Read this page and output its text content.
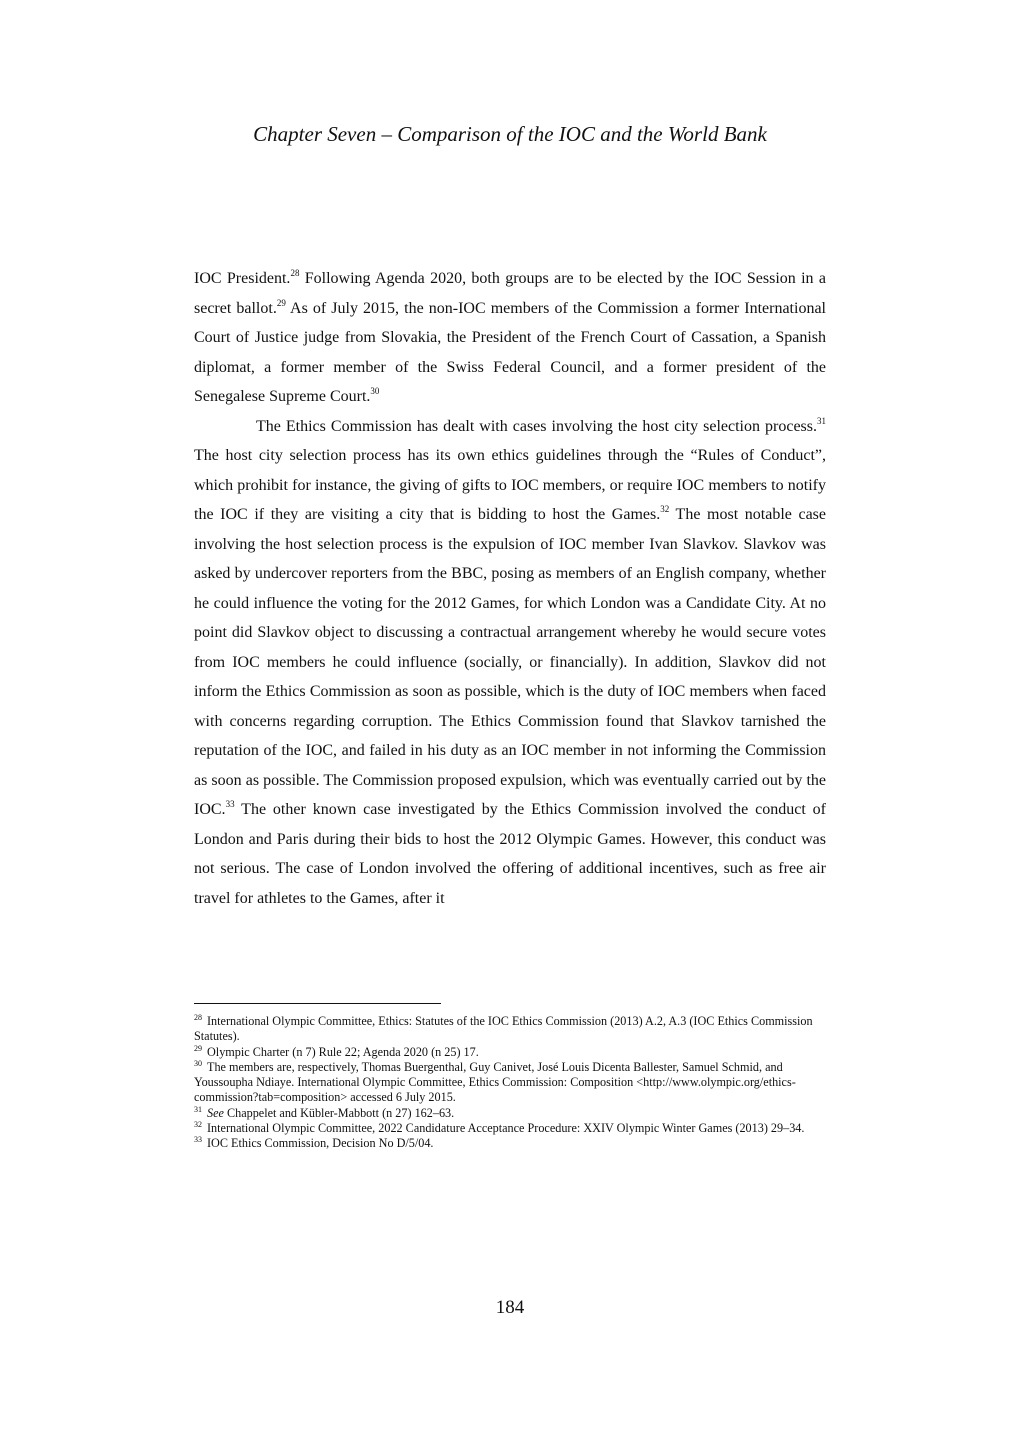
Chapter Seven – Comparison of the IOC and the World Bank

IOC President.$^{28}$ Following Agenda 2020, both groups are to be elected by the IOC Session in a secret ballot.$^{29}$ As of July 2015, the non-IOC members of the Commission a former International Court of Justice judge from Slovakia, the President of the French Court of Cassation, a Spanish diplomat, a former member of the Swiss Federal Council, and a former president of the Senegalese Supreme Court.$^{30}$

The Ethics Commission has dealt with cases involving the host city selection process.$^{31}$ The host city selection process has its own ethics guidelines through the “Rules of Conduct”, which prohibit for instance, the giving of gifts to IOC members, or require IOC members to notify the IOC if they are visiting a city that is bidding to host the Games.$^{32}$ The most notable case involving the host selection process is the expulsion of IOC member Ivan Slavkov. Slavkov was asked by undercover reporters from the BBC, posing as members of an English company, whether he could influence the voting for the 2012 Games, for which London was a Candidate City. At no point did Slavkov object to discussing a contractual arrangement whereby he would secure votes from IOC members he could influence (socially, or financially). In addition, Slavkov did not inform the Ethics Commission as soon as possible, which is the duty of IOC members when faced with concerns regarding corruption. The Ethics Commission found that Slavkov tarnished the reputation of the IOC, and failed in his duty as an IOC member in not informing the Commission as soon as possible. The Commission proposed expulsion, which was eventually carried out by the IOC.$^{33}$ The other known case investigated by the Ethics Commission involved the conduct of London and Paris during their bids to host the 2012 Olympic Games. However, this conduct was not serious. The case of London involved the offering of additional incentives, such as free air travel for athletes to the Games, after it

$^{28}$ International Olympic Committee, Ethics: Statutes of the IOC Ethics Commission (2013) A.2, A.3 (IOC Ethics Commission Statutes).

$^{29}$ Olympic Charter (n 7) Rule 22; Agenda 2020 (n 25) 17.

$^{30}$ The members are, respectively, Thomas Buergenthal, Guy Canivet, José Louis Dicenta Ballester, Samuel Schmid, and Youssoupha Ndiaye. International Olympic Committee, Ethics Commission: Composition <http://www.olympic.org/ethics-commission?tab=composition> accessed 6 July 2015.

$^{31}$ See Chappelet and Kübler-Mabbott (n 27) 162–63.

$^{32}$ International Olympic Committee, 2022 Candidature Acceptance Procedure: XXIV Olympic Winter Games (2013) 29–34.

$^{33}$ IOC Ethics Commission, Decision No D/5/04.

184
